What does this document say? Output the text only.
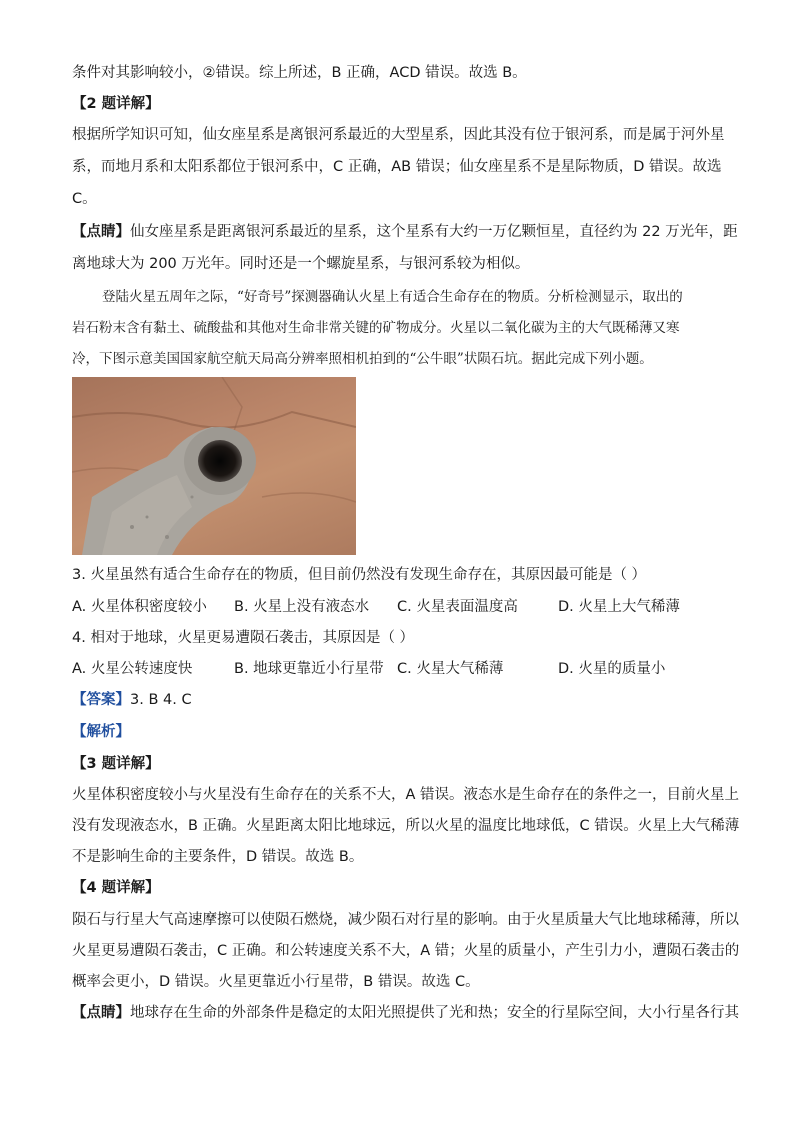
条件对其影响较小，②错误。综上所述，B 正确，ACD 错误。故选 B。
【2 题详解】
根据所学知识可知，仙女座星系是离银河系最近的大型星系，因此其没有位于银河系，而是属于河外星
系，而地月系和太阳系都位于银河系中，C 正确，AB 错误；仙女座星系不是星际物质，D 错误。故选
C。
【点睛】仙女座星系是距离银河系最近的星系，这个星系有大约一万亿颗恒星，直径约为 22 万光年，距
离地球大为 200 万光年。同时还是一个螺旋星系，与银河系较为相似。
登陆火星五周年之际，“好奇号”探测器确认火星上有适合生命存在的物质。分析检测显示，取出的
岩石粉末含有黏土、硫酸盐和其他对生命非常关键的矿物成分。火星以二氧化碳为主的大气既稀薄又寒
冷，下图示意美国国家航空航天局高分辨率照相机拍到的“公牛眼”状陨石坑。据此完成下列小题。
3. 火星虽然有适合生命存在的物质，但目前仍然没有发现生命存在，其原因最可能是（ ）
A. 火星体积密度较小 B. 火星上没有液态水 C. 火星表面温度高	D. 火星上大气稀薄
4. 相对于地球，火星更易遭陨石袭击，其原因是（ ）
A. 火星公转速度快	B. 地球更靠近小行星带 C. 火星大气稀薄	D. 火星的质量小
【答案】3. B 4. C
【解析】
【3 题详解】
火星体积密度较小与火星没有生命存在的关系不大，A 错误。液态水是生命存在的条件之一，目前火星上
没有发现液态水，B 正确。火星距离太阳比地球远，所以火星的温度比地球低，C 错误。火星上大气稀薄
不是影响生命的主要条件，D 错误。故选 B。
【4 题详解】
陨石与行星大气高速摩擦可以使陨石燃烧，减少陨石对行星的影响。由于火星质量大气比地球稀薄，所以
火星更易遭陨石袭击，C 正确。和公转速度关系不大，A 错；火星的质量小，产生引力小，遭陨石袭击的
概率会更小，D 错误。火星更靠近小行星带，B 错误。故选 C。
【点睛】地球存在生命的外部条件是稳定的太阳光照提供了光和热；安全的行星际空间，大小行星各行其
